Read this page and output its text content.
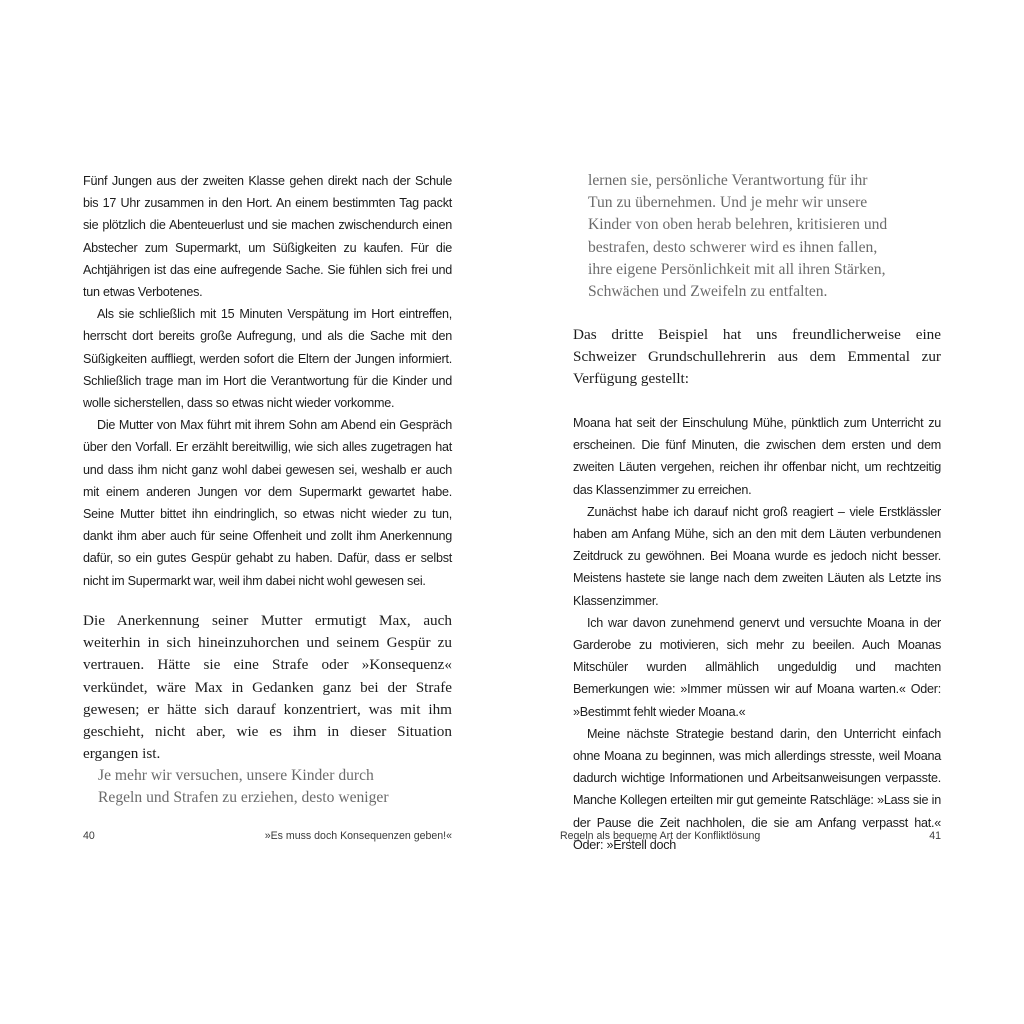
Fünf Jungen aus der zweiten Klasse gehen direkt nach der Schule bis 17 Uhr zusammen in den Hort. An einem bestimmten Tag packt sie plötzlich die Abenteuerlust und sie machen zwischendurch einen Abstecher zum Supermarkt, um Süßigkeiten zu kaufen. Für die Achtjährigen ist das eine aufregende Sache. Sie fühlen sich frei und tun etwas Verbotenes.

Als sie schließlich mit 15 Minuten Verspätung im Hort eintreffen, herrscht dort bereits große Aufregung, und als die Sache mit den Süßigkeiten auffliegt, werden sofort die Eltern der Jungen informiert. Schließlich trage man im Hort die Verantwortung für die Kinder und wolle sicherstellen, dass so etwas nicht wieder vorkomme.

Die Mutter von Max führt mit ihrem Sohn am Abend ein Gespräch über den Vorfall. Er erzählt bereitwillig, wie sich alles zugetragen hat und dass ihm nicht ganz wohl dabei gewesen sei, weshalb er auch mit einem anderen Jungen vor dem Supermarkt gewartet habe. Seine Mutter bittet ihn eindringlich, so etwas nicht wieder zu tun, dankt ihm aber auch für seine Offenheit und zollt ihm Anerkennung dafür, so ein gutes Gespür gehabt zu haben. Dafür, dass er selbst nicht im Supermarkt war, weil ihm dabei nicht wohl gewesen sei.

Die Anerkennung seiner Mutter ermutigt Max, auch weiterhin in sich hineinzuhorchen und seinem Gespür zu vertrauen. Hätte sie eine Strafe oder »Konsequenz« verkündet, wäre Max in Gedanken ganz bei der Strafe gewesen; er hätte sich darauf konzentriert, was mit ihm geschieht, nicht aber, wie es ihm in dieser Situation ergangen ist.

Je mehr wir versuchen, unsere Kinder durch

Regeln und Strafen zu erziehen, desto weniger

40	»Es muss doch Konsequenzen geben!«

lernen sie, persönliche Verantwortung für ihr

Tun zu übernehmen. Und je mehr wir unsere

Kinder von oben herab belehren, kritisieren und

bestrafen, desto schwerer wird es ihnen fallen,

ihre eigene Persönlichkeit mit all ihren Stärken,

Schwächen und Zweifeln zu entfalten.

Das dritte Beispiel hat uns freundlicherweise eine Schweizer Grundschullehrerin aus dem Emmental zur Verfügung gestellt:

Moana hat seit der Einschulung Mühe, pünktlich zum Unterricht zu erscheinen. Die fünf Minuten, die zwischen dem ersten und dem zweiten Läuten vergehen, reichen ihr offenbar nicht, um rechtzeitig das Klassenzimmer zu erreichen.

Zunächst habe ich darauf nicht groß reagiert – viele Erstklässler haben am Anfang Mühe, sich an den mit dem Läuten verbundenen Zeitdruck zu gewöhnen. Bei Moana wurde es jedoch nicht besser. Meistens hastete sie lange nach dem zweiten Läuten als Letzte ins Klassenzimmer.

Ich war davon zunehmend genervt und versuchte Moana in der Garderobe zu motivieren, sich mehr zu beeilen. Auch Moanas Mitschüler wurden allmählich ungeduldig und machten Bemerkungen wie: »Immer müssen wir auf Moana warten.« Oder: »Bestimmt fehlt wieder Moana.«

Meine nächste Strategie bestand darin, den Unterricht einfach ohne Moana zu beginnen, was mich allerdings stresste, weil Moana dadurch wichtige Informationen und Arbeitsanweisungen verpasste. Manche Kollegen erteilten mir gut gemeinte Ratschläge: »Lass sie in der Pause die Zeit nachholen, die sie am Anfang verpasst hat.« Oder: »Erstell doch

Regeln als bequeme Art der Konfliktlösung	41
